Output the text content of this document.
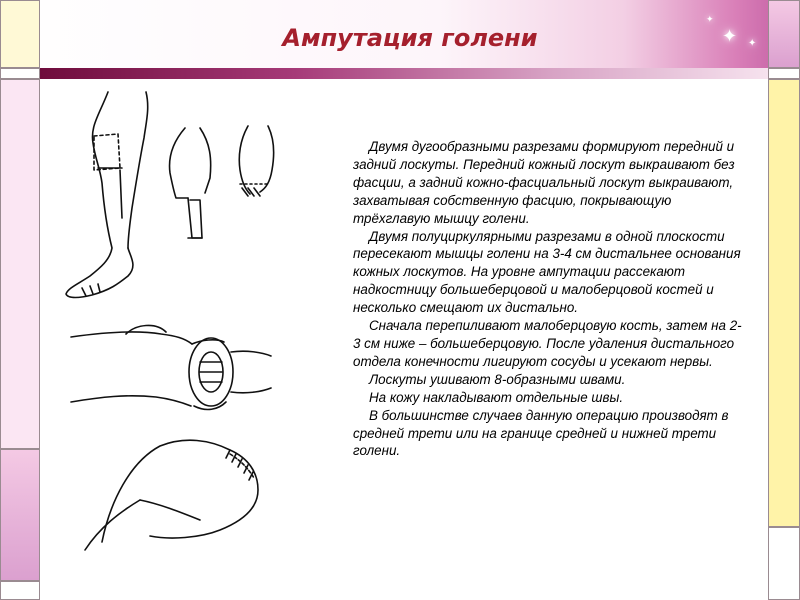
✦
✦
✦
Ампутация голени

Двумя дугообразными разрезами формируют передний и задний лоскуты. Передний кожный лоскут выкраивают без фасции, а задний кожно-фасциальный лоскут выкраивают, захватывая собственную фасцию, покрывающую трёхглавую мышцу голени.

Двумя полуциркулярными разрезами в одной плоскости пересекают мышцы голени на 3-4 см дистальнее основания кожных лоскутов. На уровне ампутации рассекают надкостницу большеберцовой и малоберцовой костей и несколько смещают их дистально.

Сначала перепиливают малоберцовую кость, затем на 2-3 см ниже – большеберцовую. После удаления дистального отдела конечности лигируют сосуды и усекают нервы.

Лоскуты ушивают 8-образными швами.

На кожу накладывают отдельные швы.

В большинстве случаев данную операцию производят в средней трети или на границе средней и нижней трети голени.
